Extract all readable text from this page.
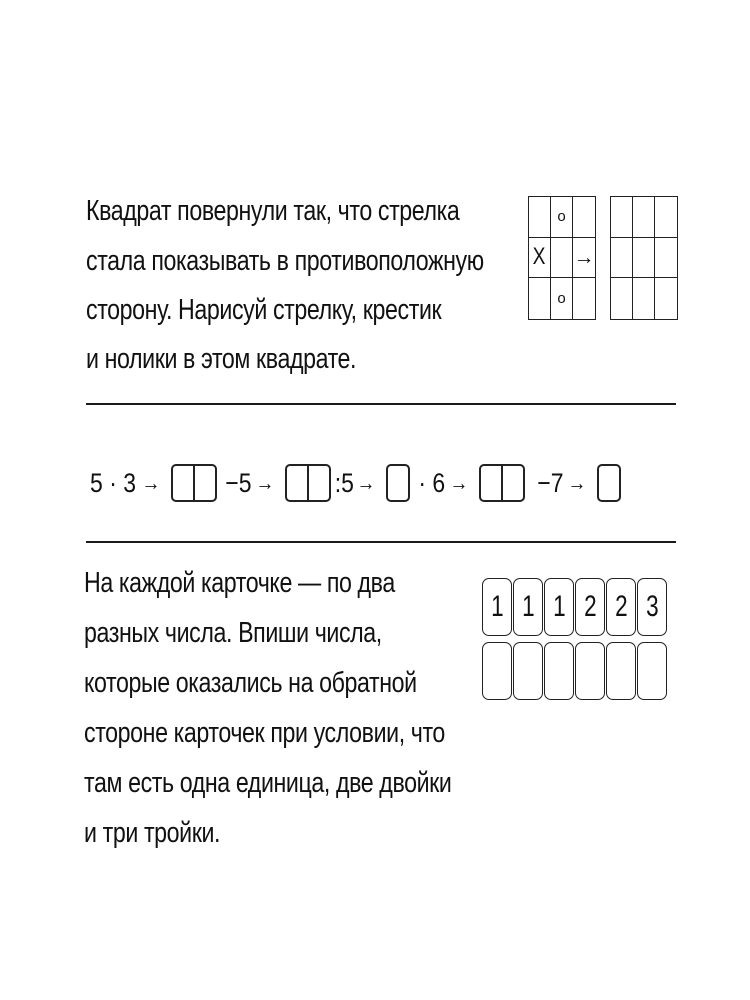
Квадрат повернули так, что стрелка

стала показывать в противоположную

сторону. Нарисуй стрелку, крестик

и нолики в этом квадрате.

о
Х →
о
5 · 3 → −5 → :5 → · 6 →	−7 →

На каждой карточке — по два

разных числа. Впиши числа,

которые оказались на обратной

стороне карточек при условии, что

там есть одна единица, две двойки

и три тройки.

1 1 1 2 2 3
